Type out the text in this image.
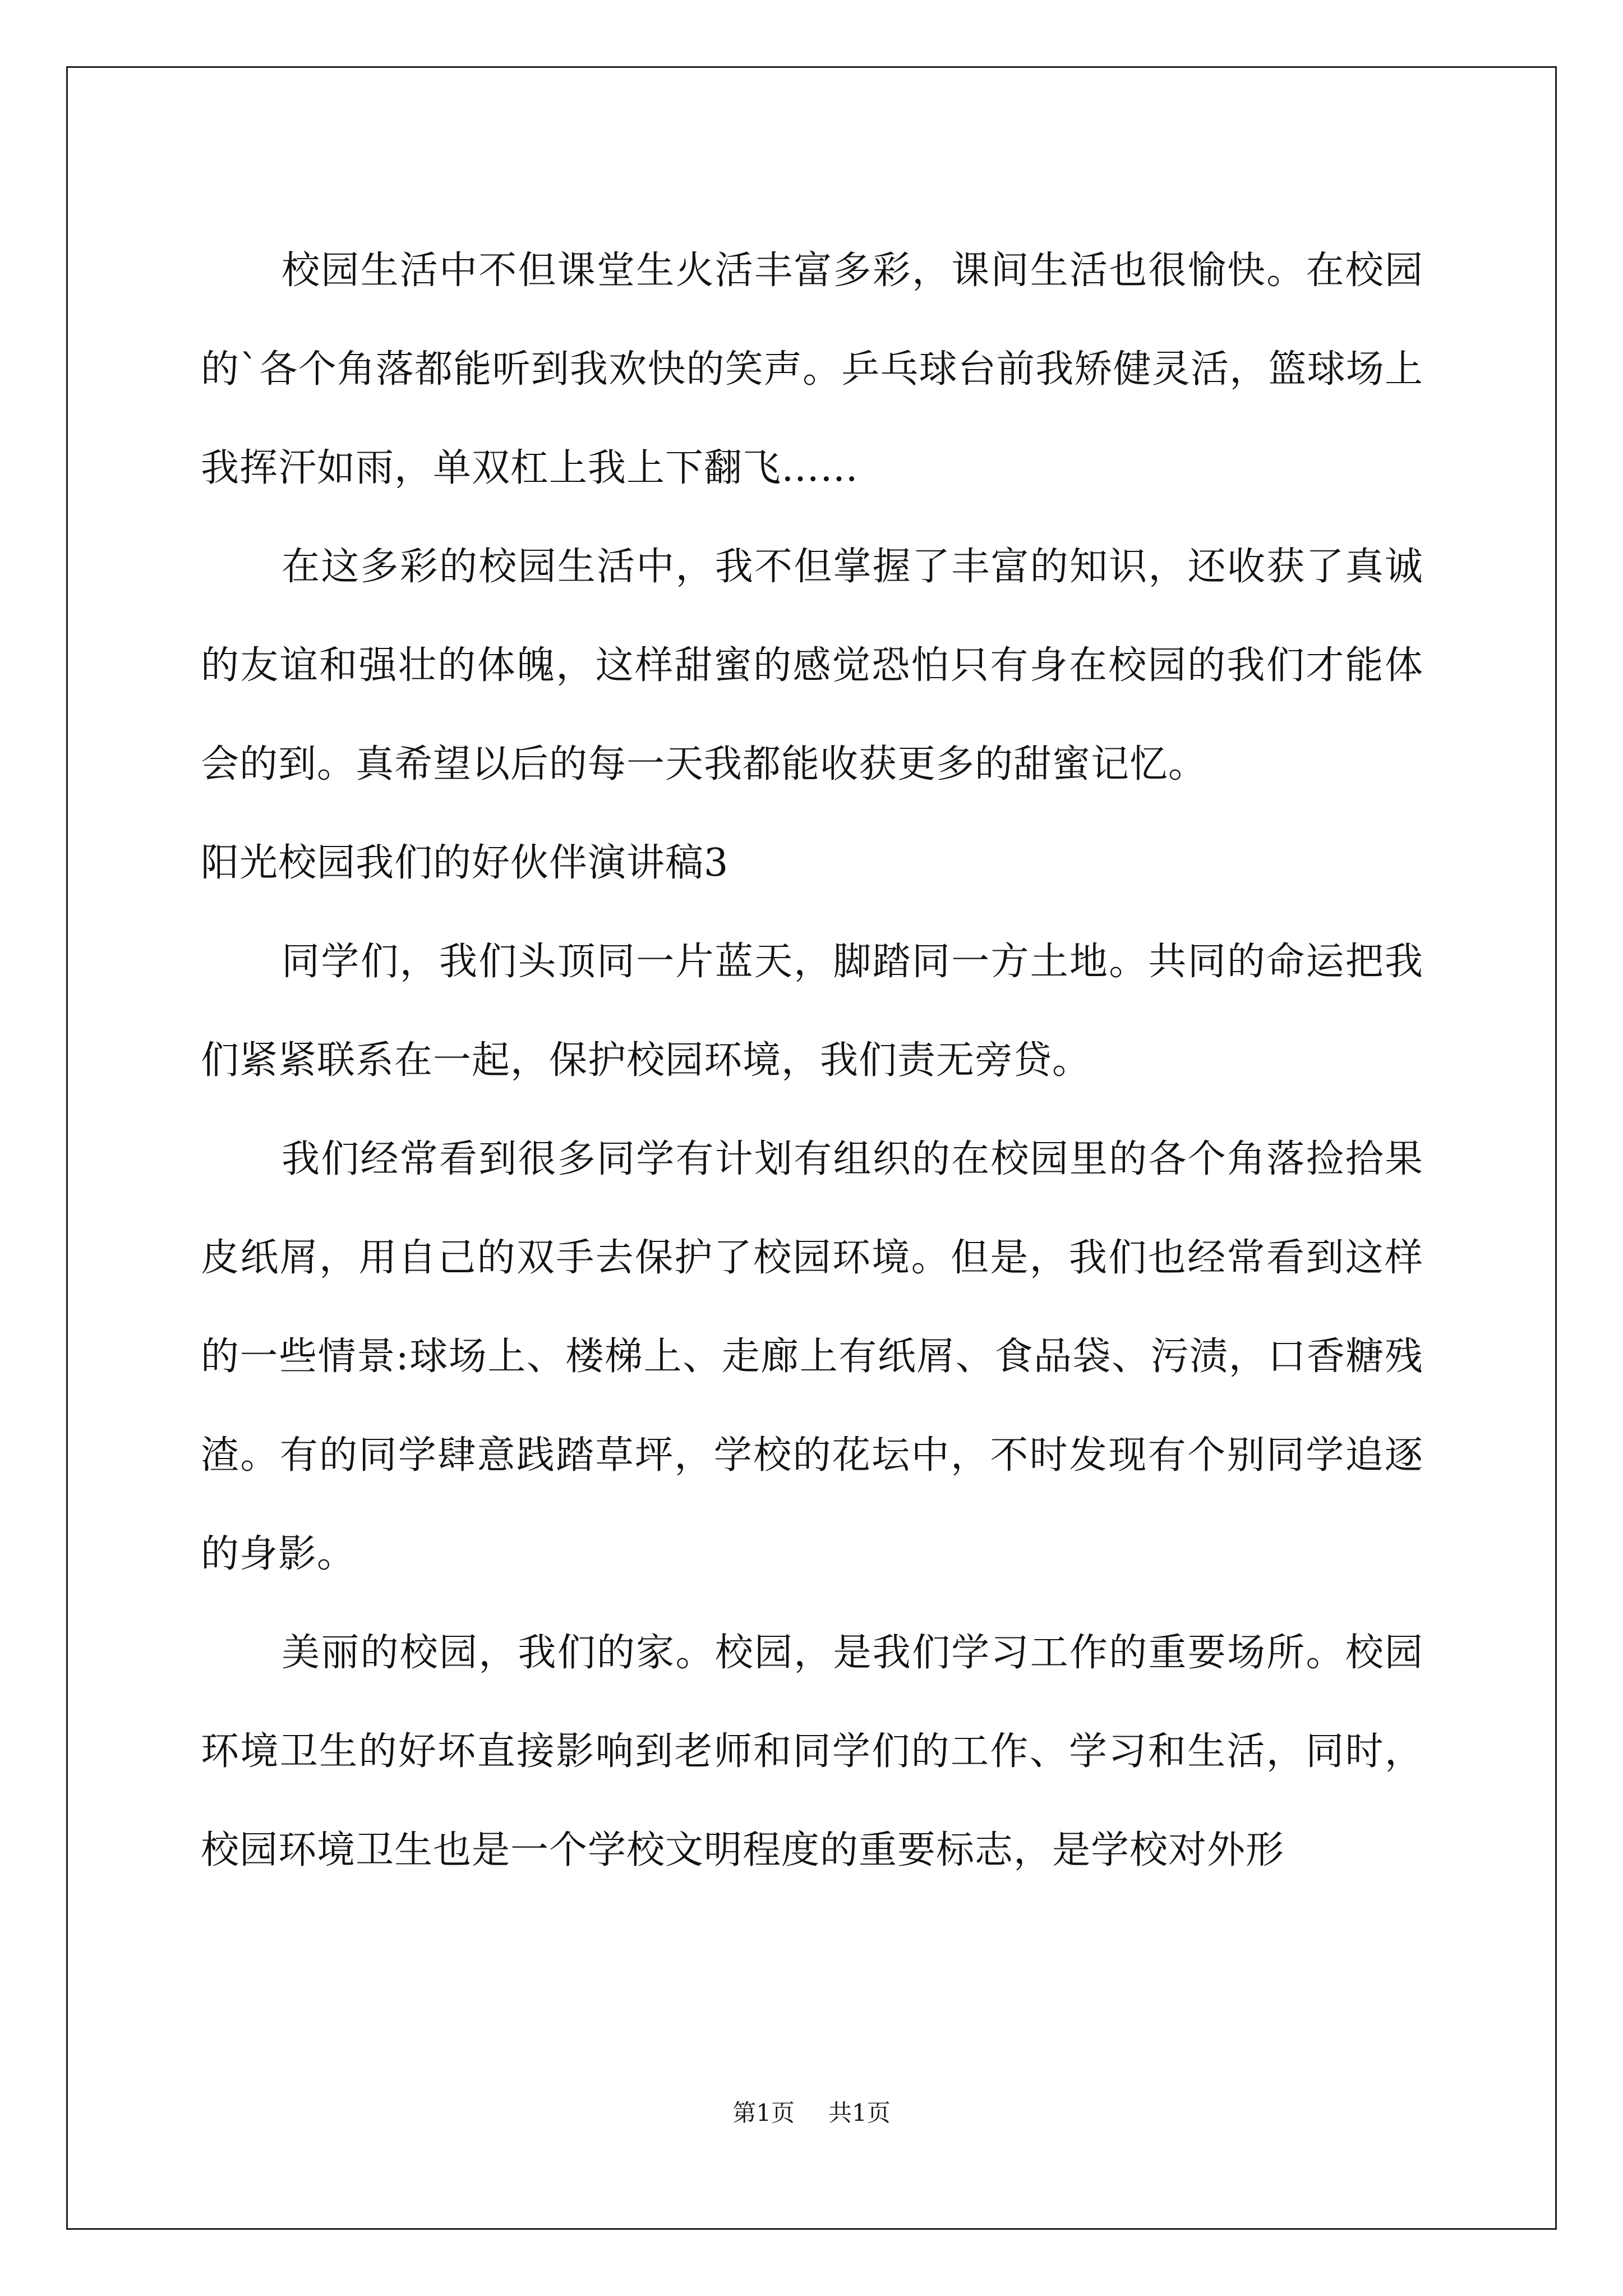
校园生活中不但课堂生火活丰富多彩，课间生活也很愉快。在校园的`各个角落都能听到我欢快的笑声。乒乓球台前我矫健灵活，篮球场上我挥汗如雨，单双杠上我上下翻飞……

在这多彩的校园生活中，我不但掌握了丰富的知识，还收获了真诚的友谊和强壮的体魄，这样甜蜜的感觉恐怕只有身在校园的我们才能体会的到。真希望以后的每一天我都能收获更多的甜蜜记忆。

阳光校园我们的好伙伴演讲稿3

同学们，我们头顶同一片蓝天，脚踏同一方土地。共同的命运把我们紧紧联系在一起，保护校园环境，我们责无旁贷。

我们经常看到很多同学有计划有组织的在校园里的各个角落捡拾果皮纸屑，用自己的双手去保护了校园环境。但是，我们也经常看到这样的一些情景:球场上、楼梯上、走廊上有纸屑、食品袋、污渍，口香糖残渣。有的同学肆意践踏草坪，学校的花坛中，不时发现有个别同学追逐的身影。

美丽的校园，我们的家。校园，是我们学习工作的重要场所。校园环境卫生的好坏直接影响到老师和同学们的工作、学习和生活，同时，校园环境卫生也是一个学校文明程度的重要标志，是学校对外形

第1页 共1页
